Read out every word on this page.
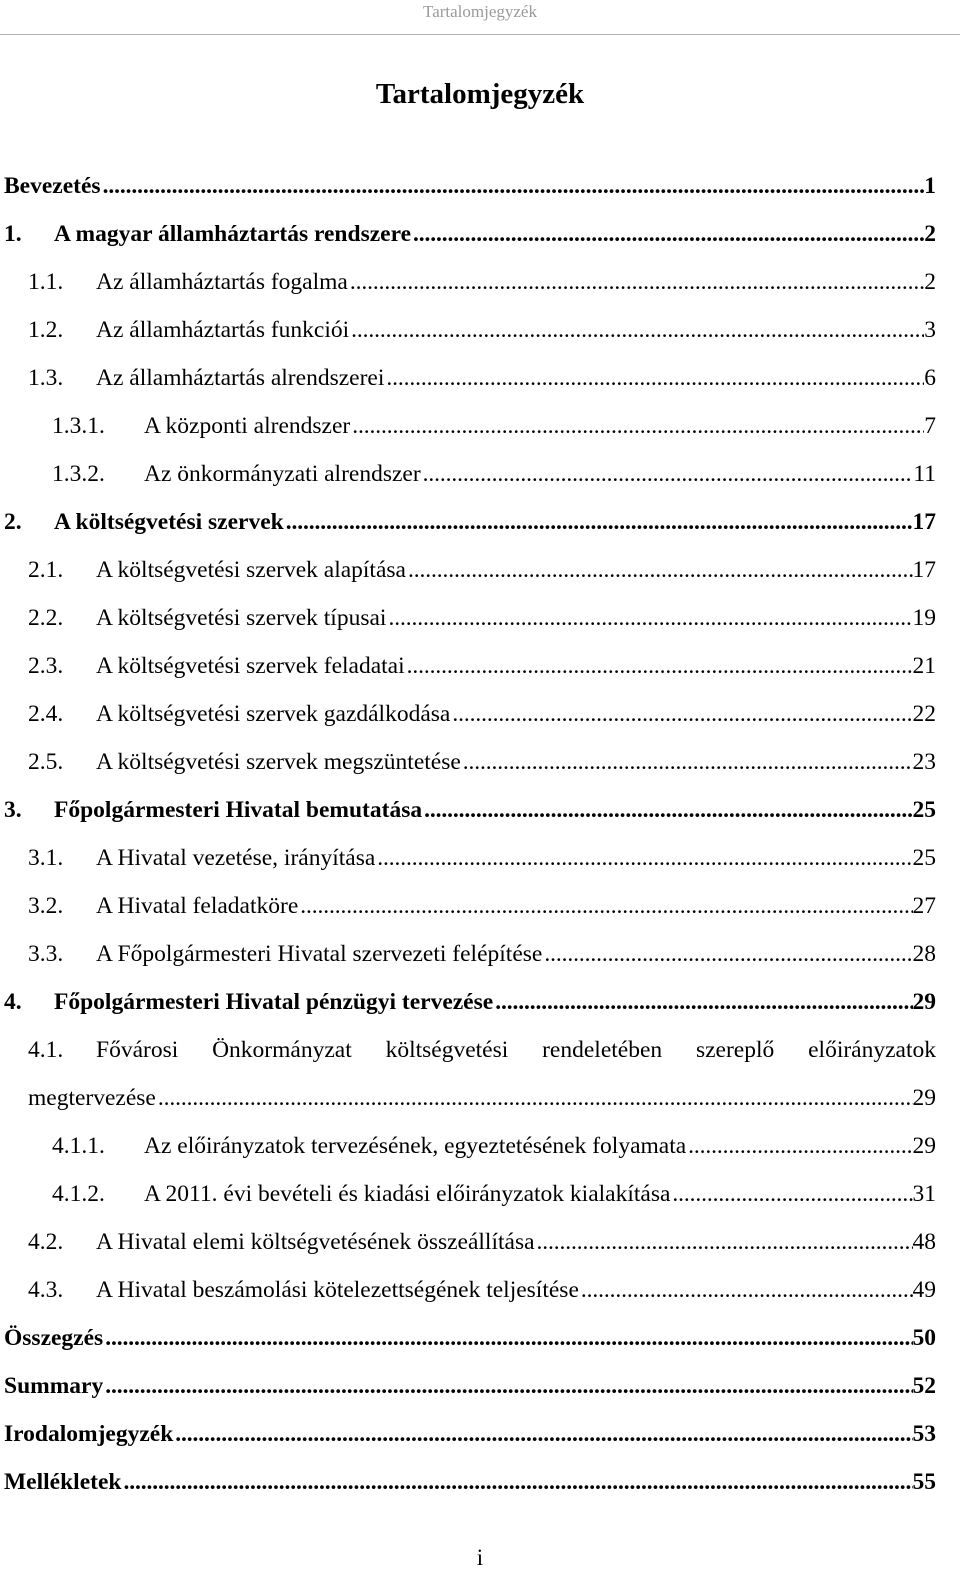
Tartalomjegyzék
Tartalomjegyzék
Bevezetés . . .	1
1.	A magyar államháztartás rendszere . . .	2
1.1.	Az államháztartás fogalma . . .	2
1.2.	Az államháztartás funkciói . . .	3
1.3.	Az államháztartás alrendszerei . . .	6
1.3.1.	A központi alrendszer . . .	7
1.3.2.	Az önkormányzati alrendszer . . .	11
2.	A költségvetési szervek . . .	17
2.1.	A költségvetési szervek alapítása . . .	17
2.2.	A költségvetési szervek típusai . . .	19
2.3.	A költségvetési szervek feladatai . . .	21
2.4.	A költségvetési szervek gazdálkodása . . .	22
2.5.	A költségvetési szervek megszüntetése . . .	23
3.	Főpolgármesteri Hivatal bemutatása . . .	25
3.1.	A Hivatal vezetése, irányítása . . .	25
3.2.	A Hivatal feladatköre . . .	27
3.3.	A Főpolgármesteri Hivatal szervezeti felépítése . . .	28
4.	Főpolgármesteri Hivatal pénzügyi tervezése . . .	29
4.1.	Fővárosi Önkormányzat költségvetési rendeletében szereplő előirányzatok
megtervezése . . .	29
4.1.1.	Az előirányzatok tervezésének, egyeztetésének folyamata . . .	29
4.1.2.	A 2011. évi bevételi és kiadási előirányzatok kialakítása . . .	31
4.2.	A Hivatal elemi költségvetésének összeállítása . . .	48
4.3.	A Hivatal beszámolási kötelezettségének teljesítése . . .	49
Összegzés . . .	50
Summary . . .	52
Irodalomjegyzék . . .	53
Mellékletek . . .	55
i
